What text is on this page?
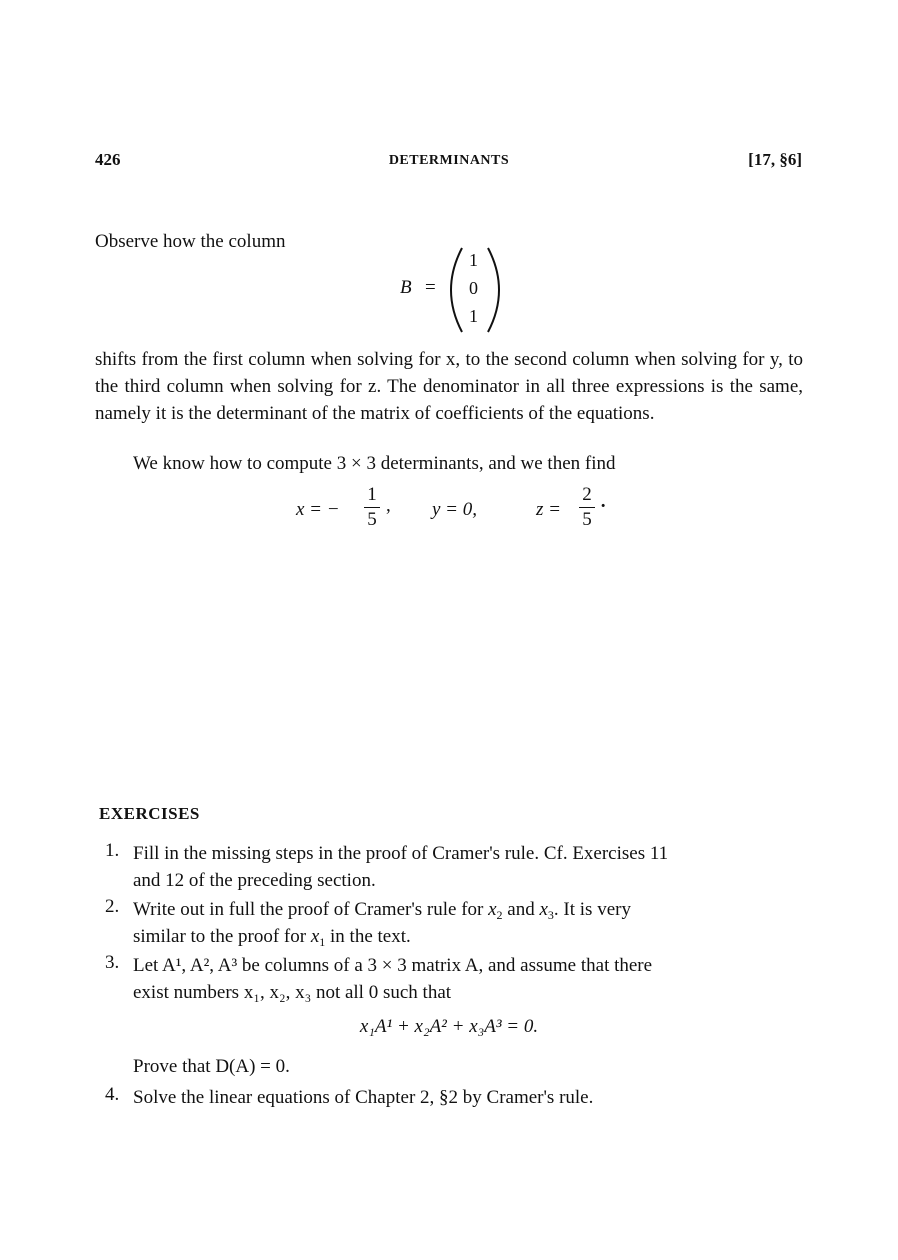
426	DETERMINANTS	[17, §6]
Observe how the column
B =
1
0
1
shifts from the first column when solving for x, to the second column when solving for y, to the third column when solving for z. The denominator in all three expressions is the same, namely it is the determinant of the matrix of coefficients of the equations.
We know how to compute 3 × 3 determinants, and we then find
x = −
1
5
, y = 0,	z =
2
5
·
EXERCISES
1. Fill in the missing steps in the proof of Cramer's rule. Cf. Exercises 11
and 12 of the preceding section.
2. Write out in full the proof of Cramer's rule for $x_2$ and $x_3$. It is very
similar to the proof for $x_1$ in the text.
3. Let A¹, A², A³ be columns of a 3 × 3 matrix A, and assume that there
exist numbers x₁, x₂, x₃ not all 0 such that
x₁A¹ + x₂A² + x₃A³ = 0.
Prove that D(A) = 0.
4. Solve the linear equations of Chapter 2, §2 by Cramer's rule.
